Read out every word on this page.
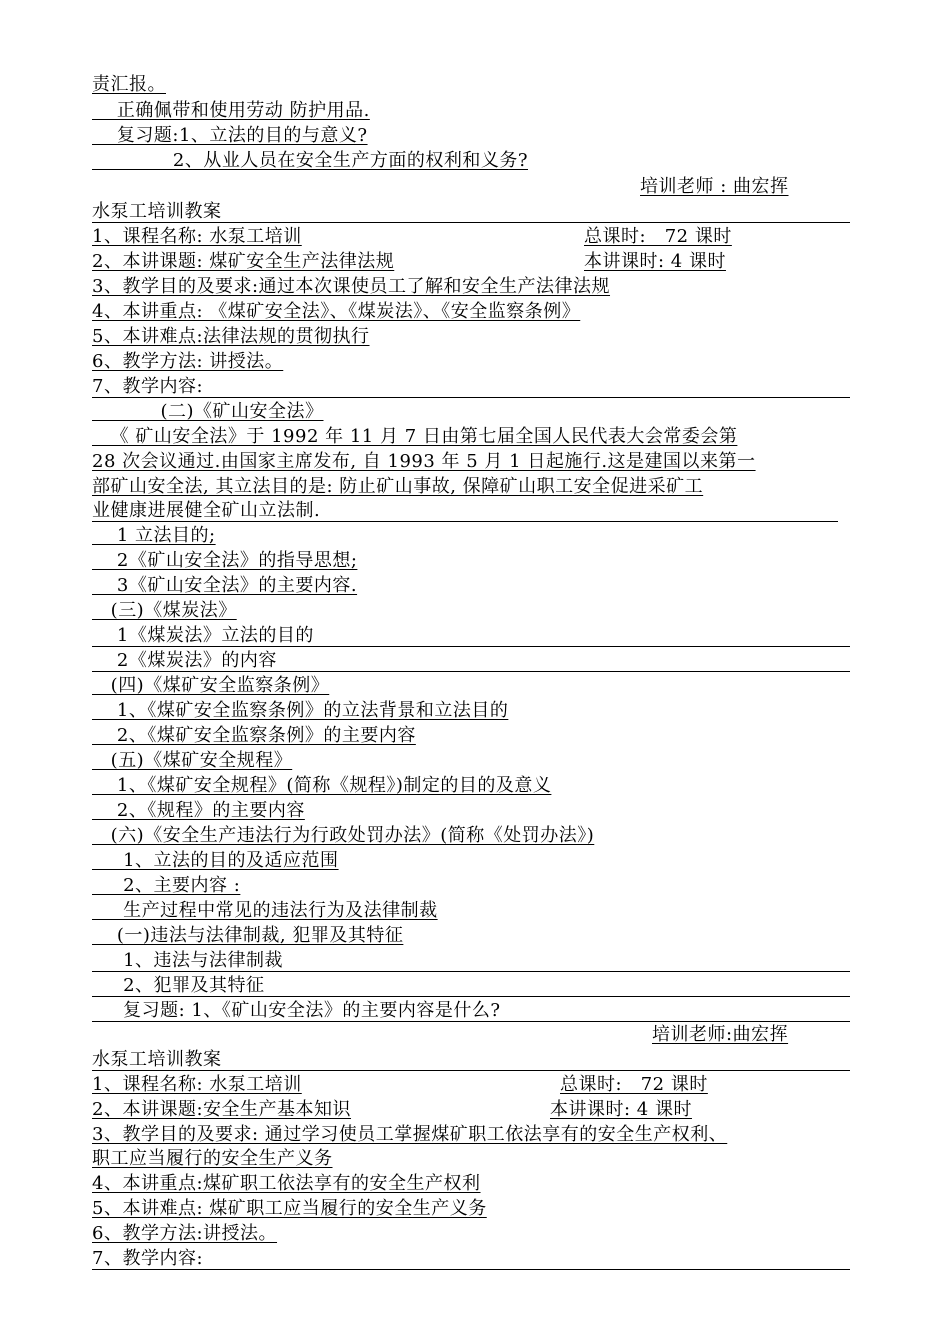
责汇报。
正确佩带和使用劳动 防护用品.
复习题:1、立法的目的与意义?
2、从业人员在安全生产方面的权利和义务?
培训老师 : 曲宏挥
水泵工培训教案
1、课程名称: 水泵工培训	总课时:   72 课时
2、本讲课题: 煤矿安全生产法律法规	本讲课时: 4 课时
3、教学目的及要求:通过本次课使员工了解和安全生产法律法规
4、本讲重点: 《煤矿安全法》、《煤炭法》、《安全监察条例》
5、本讲难点:法律法规的贯彻执行
6、教学方法: 讲授法。
7、教学内容:
(二)《矿山安全法》
《 矿山安全法》于 1992 年 11 月 7 日由第七届全国人民代表大会常委会第
28 次会议通过.由国家主席发布, 自 1993 年 5 月 1 日起施行.这是建国以来第一
部矿山安全法, 其立法目的是: 防止矿山事故, 保障矿山职工安全促进采矿工
业健康进展健全矿山立法制.
1 立法目的;
2《矿山安全法》的指导思想;
3《矿山安全法》的主要内容.
(三)《煤炭法》
1《煤炭法》立法的目的
2《煤炭法》的内容
(四)《煤矿安全监察条例》
1、《煤矿安全监察条例》的立法背景和立法目的
2、《煤矿安全监察条例》的主要内容
(五)《煤矿安全规程》
1、《煤矿安全规程》(简称《规程》)制定的目的及意义
2、《规程》的主要内容
(六)《安全生产违法行为行政处罚办法》(简称《处罚办法》)
1、立法的目的及适应范围
2、主要内容 :
生产过程中常见的违法行为及法律制裁
(一)违法与法律制裁, 犯罪及其特征
1、违法与法律制裁
2、犯罪及其特征
复习题: 1、《矿山安全法》的主要内容是什么?
培训老师:曲宏挥
水泵工培训教案
1、课程名称: 水泵工培训	总课时:   72 课时
2、本讲课题:安全生产基本知识	本讲课时: 4 课时
3、教学目的及要求: 通过学习使员工掌握煤矿职工依法享有的安全生产权利、
职工应当履行的安全生产义务
4、本讲重点:煤矿职工依法享有的安全生产权利
5、本讲难点: 煤矿职工应当履行的安全生产义务
6、教学方法:讲授法。
7、教学内容:
